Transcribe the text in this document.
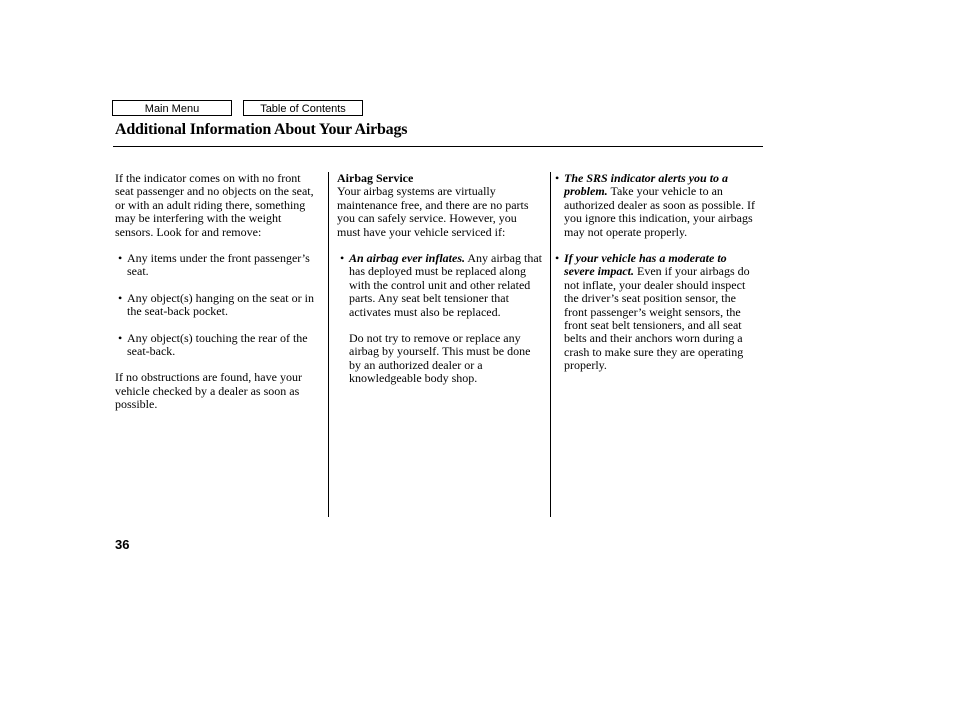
Main Menu	Table of Contents
Additional Information About Your Airbags

If the indicator comes on with no front seat passenger and no objects on the seat, or with an adult riding there, something may be interfering with the weight sensors. Look for and remove:

• Any items under the front passenger’s seat.
• Any object(s) hanging on the seat or in the seat-back pocket.
• Any object(s) touching the rear of the seat-back.

If no obstructions are found, have your vehicle checked by a dealer as soon as possible.

Airbag Service

Your airbag systems are virtually maintenance free, and there are no parts you can safely service. However, you must have your vehicle serviced if:

• An airbag ever inflates. Any airbag that has deployed must be replaced along with the control unit and other related parts. Any seat belt tensioner that activates must also be replaced.

Do not try to remove or replace any airbag by yourself. This must be done by an authorized dealer or a knowledgeable body shop.

• The SRS indicator alerts you to a problem. Take your vehicle to an authorized dealer as soon as possible. If you ignore this indication, your airbags may not operate properly.
• If your vehicle has a moderate to severe impact. Even if your airbags do not inflate, your dealer should inspect the driver’s seat position sensor, the front passenger’s weight sensors, the front seat belt tensioners, and all seat belts and their anchors worn during a crash to make sure they are operating properly.
36
